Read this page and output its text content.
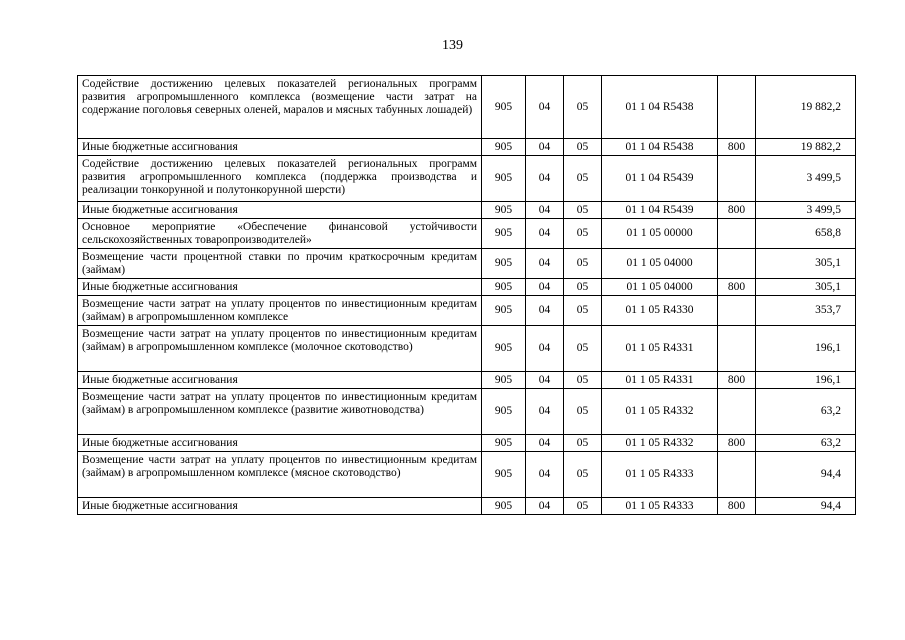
139
Содействие достижению целевых показателей региональных программ развития агропромышленного комплекса (возмещение части затрат на содержание поголовья северных оленей, маралов и мясных табунных лошадей)	905	04	05	01 1 04 R5438		19 882,2
Иные бюджетные ассигнования	905	04	05	01 1 04 R5438	800	19 882,2
Содействие достижению целевых показателей региональных программ развития агропромышленного комплекса (поддержка производства и реализации тонкорунной и полутонкорунной шерсти)	905	04	05	01 1 04 R5439		3 499,5
Иные бюджетные ассигнования	905	04	05	01 1 04 R5439	800	3 499,5
Основное мероприятие «Обеспечение финансовой устойчивости сельскохозяйственных товаропроизводителей»	905	04	05	01 1 05 00000		658,8
Возмещение части процентной ставки по прочим краткосрочным кредитам (займам)	905	04	05	01 1 05 04000		305,1
Иные бюджетные ассигнования	905	04	05	01 1 05 04000	800	305,1
Возмещение части затрат на уплату процентов по инвестиционным кредитам (займам) в агропромышленном комплексе	905	04	05	01 1 05 R4330		353,7
Возмещение части затрат на уплату процентов по инвестиционным кредитам (займам) в агропромышленном комплексе (молочное скотоводство)	905	04	05	01 1 05 R4331		196,1
Иные бюджетные ассигнования	905	04	05	01 1 05 R4331	800	196,1
Возмещение части затрат на уплату процентов по инвестиционным кредитам (займам) в агропромышленном комплексе (развитие животноводства)	905	04	05	01 1 05 R4332		63,2
Иные бюджетные ассигнования	905	04	05	01 1 05 R4332	800	63,2
Возмещение части затрат на уплату процентов по инвестиционным кредитам (займам) в агропромышленном комплексе (мясное скотоводство)	905	04	05	01 1 05 R4333		94,4
Иные бюджетные ассигнования	905	04	05	01 1 05 R4333	800	94,4
